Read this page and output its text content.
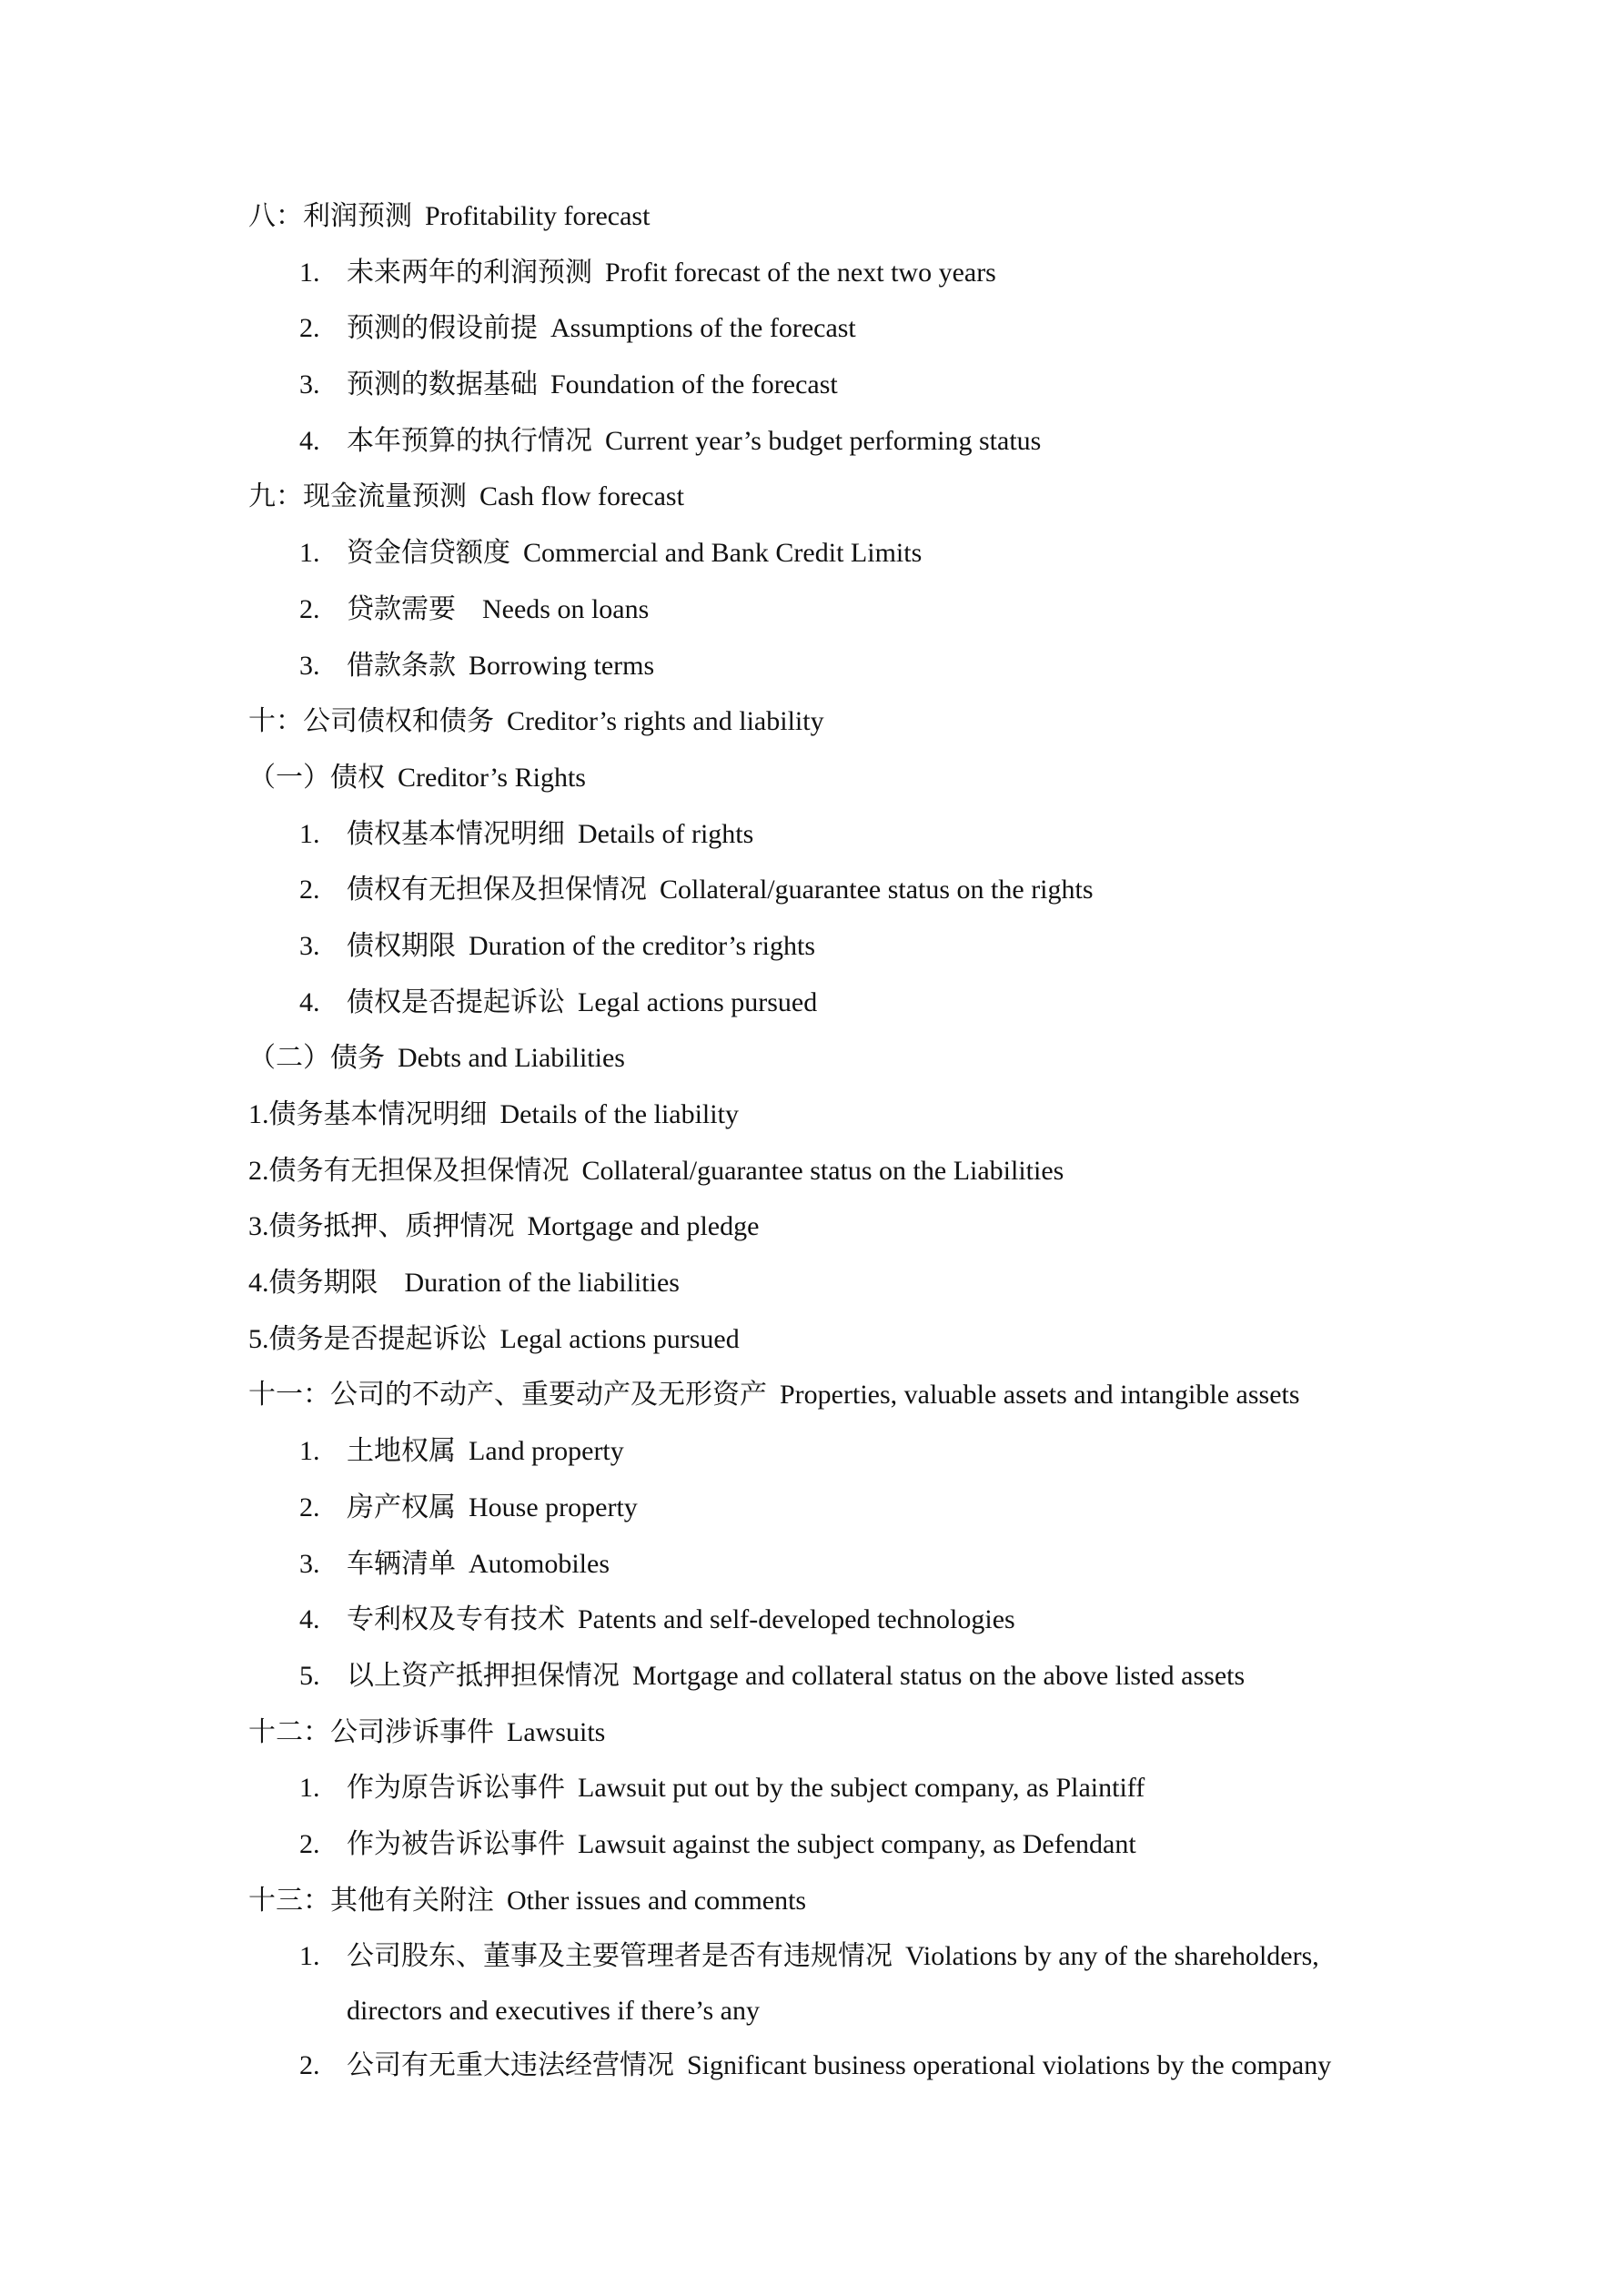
八：利润预测 Profitability forecast
1. 未来两年的利润预测 Profit forecast of the next two years
2. 预测的假设前提 Assumptions of the forecast
3. 预测的数据基础 Foundation of the forecast
4. 本年预算的执行情况 Current year’s budget performing status
九：现金流量预测 Cash flow forecast
1. 资金信贷额度 Commercial and Bank Credit Limits
2. 贷款需要  Needs on loans
3. 借款条款 Borrowing terms
十：公司债权和债务 Creditor’s rights and liability
（一）债权 Creditor’s Rights
1. 债权基本情况明细 Details of rights
2. 债权有无担保及担保情况 Collateral/guarantee status on the rights
3. 债权期限 Duration of the creditor’s rights
4. 债权是否提起诉讼 Legal actions pursued
（二）债务 Debts and Liabilities
1.债务基本情况明细 Details of the liability
2.债务有无担保及担保情况 Collateral/guarantee status on the Liabilities
3.债务抵押、质押情况 Mortgage and pledge
4.债务期限  Duration of the liabilities
5.债务是否提起诉讼 Legal actions pursued
十一：公司的不动产、重要动产及无形资产 Properties, valuable assets and intangible assets
1. 土地权属 Land property
2. 房产权属 House property
3. 车辆清单 Automobiles
4. 专利权及专有技术 Patents and self-developed technologies
5. 以上资产抵押担保情况 Mortgage and collateral status on the above listed assets
十二：公司涉诉事件 Lawsuits
1. 作为原告诉讼事件 Lawsuit put out by the subject company, as Plaintiff
2. 作为被告诉讼事件 Lawsuit against the subject company, as Defendant
十三：其他有关附注 Other issues and comments
1. 公司股东、董事及主要管理者是否有违规情况 Violations by any of the shareholders,
directors and executives if there’s any
2. 公司有无重大违法经营情况 Significant business operational violations by the company
